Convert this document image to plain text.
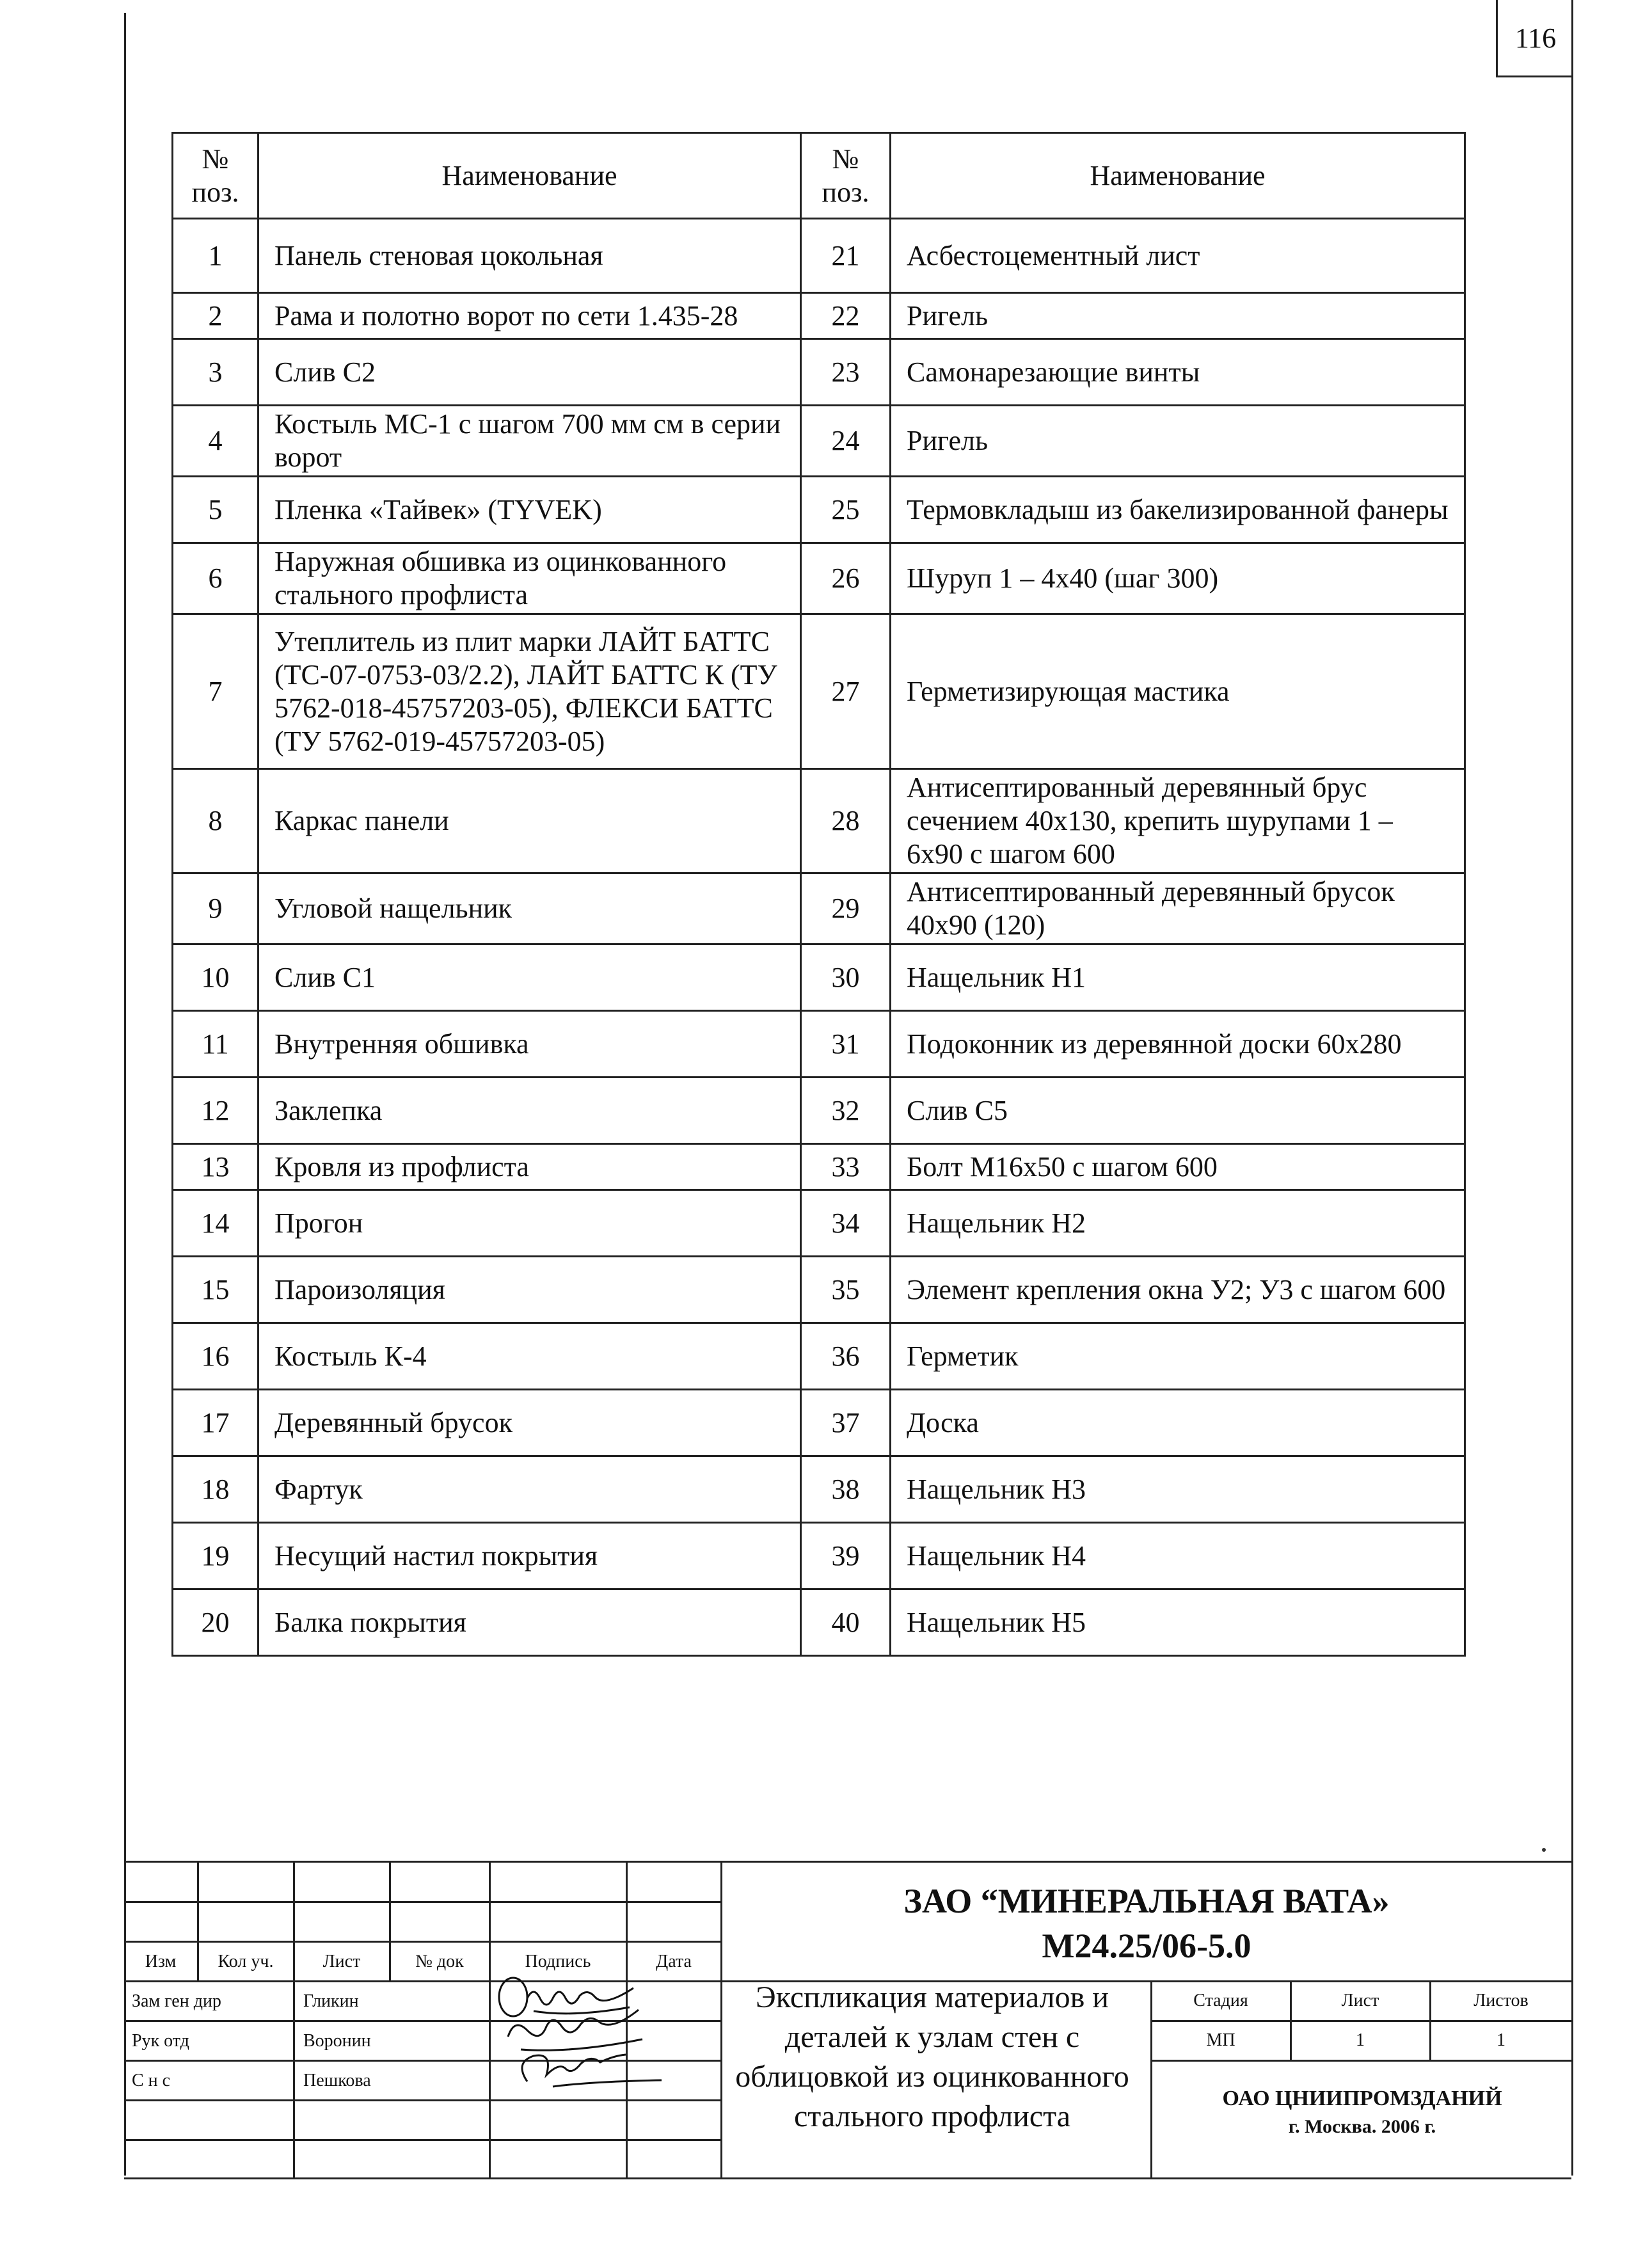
116
№ поз.	Наименование	№ поз.	Наименование
1	Панель стеновая цокольная	21	Асбестоцементный лист
2	Рама и полотно ворот по сети 1.435-28	22	Ригель
3	Слив С2	23	Самонарезающие винты
4	Костыль МС-1 с шагом 700 мм см в серии ворот	24	Ригель
5	Пленка «Тайвек» (TYVEK)	25	Термовкладыш из бакелизированной фанеры
6	Наружная обшивка из оцинкованного стального профлиста	26	Шуруп 1 – 4х40 (шаг 300)
7	Утеплитель из плит марки ЛАЙТ БАТТС (ТС-07-0753-03/2.2), ЛАЙТ БАТТС К (ТУ 5762-018-45757203-05), ФЛЕКСИ БАТТС (ТУ 5762-019-45757203-05)	27	Герметизирующая мастика
8	Каркас панели	28	Антисептированный деревянный брус сечением 40х130, крепить шурупами 1 – 6х90 с шагом 600
9	Угловой нащельник	29	Антисептированный деревянный брусок 40х90 (120)
10	Слив С1	30	Нащельник Н1
11	Внутренняя обшивка	31	Подоконник из деревянной доски 60х280
12	Заклепка	32	Слив С5
13	Кровля из профлиста	33	Болт М16х50 с шагом 600
14	Прогон	34	Нащельник Н2
15	Пароизоляция	35	Элемент крепления окна У2; У3 с шагом 600
16	Костыль К-4	36	Герметик
17	Деревянный брусок	37	Доска
18	Фартук	38	Нащельник Н3
19	Несущий настил покрытия	39	Нащельник Н4
20	Балка покрытия	40	Нащельник Н5
Изм	Кол уч.	Лист	№ док	Подпись	Дата
Зам ген дир	Гликин
Рук отд	Воронин
С н с	Пешкова
ЗАО “МИНЕРАЛЬНАЯ ВАТА»
М24.25/06-5.0
Экспликация материалов и деталей к узлам стен с облицовкой из оцинкованного стального профлиста
Стадия	Лист	Листов
МП	1	1
ОАО ЦНИИПРОМЗДАНИЙ
г. Москва. 2006 г.
